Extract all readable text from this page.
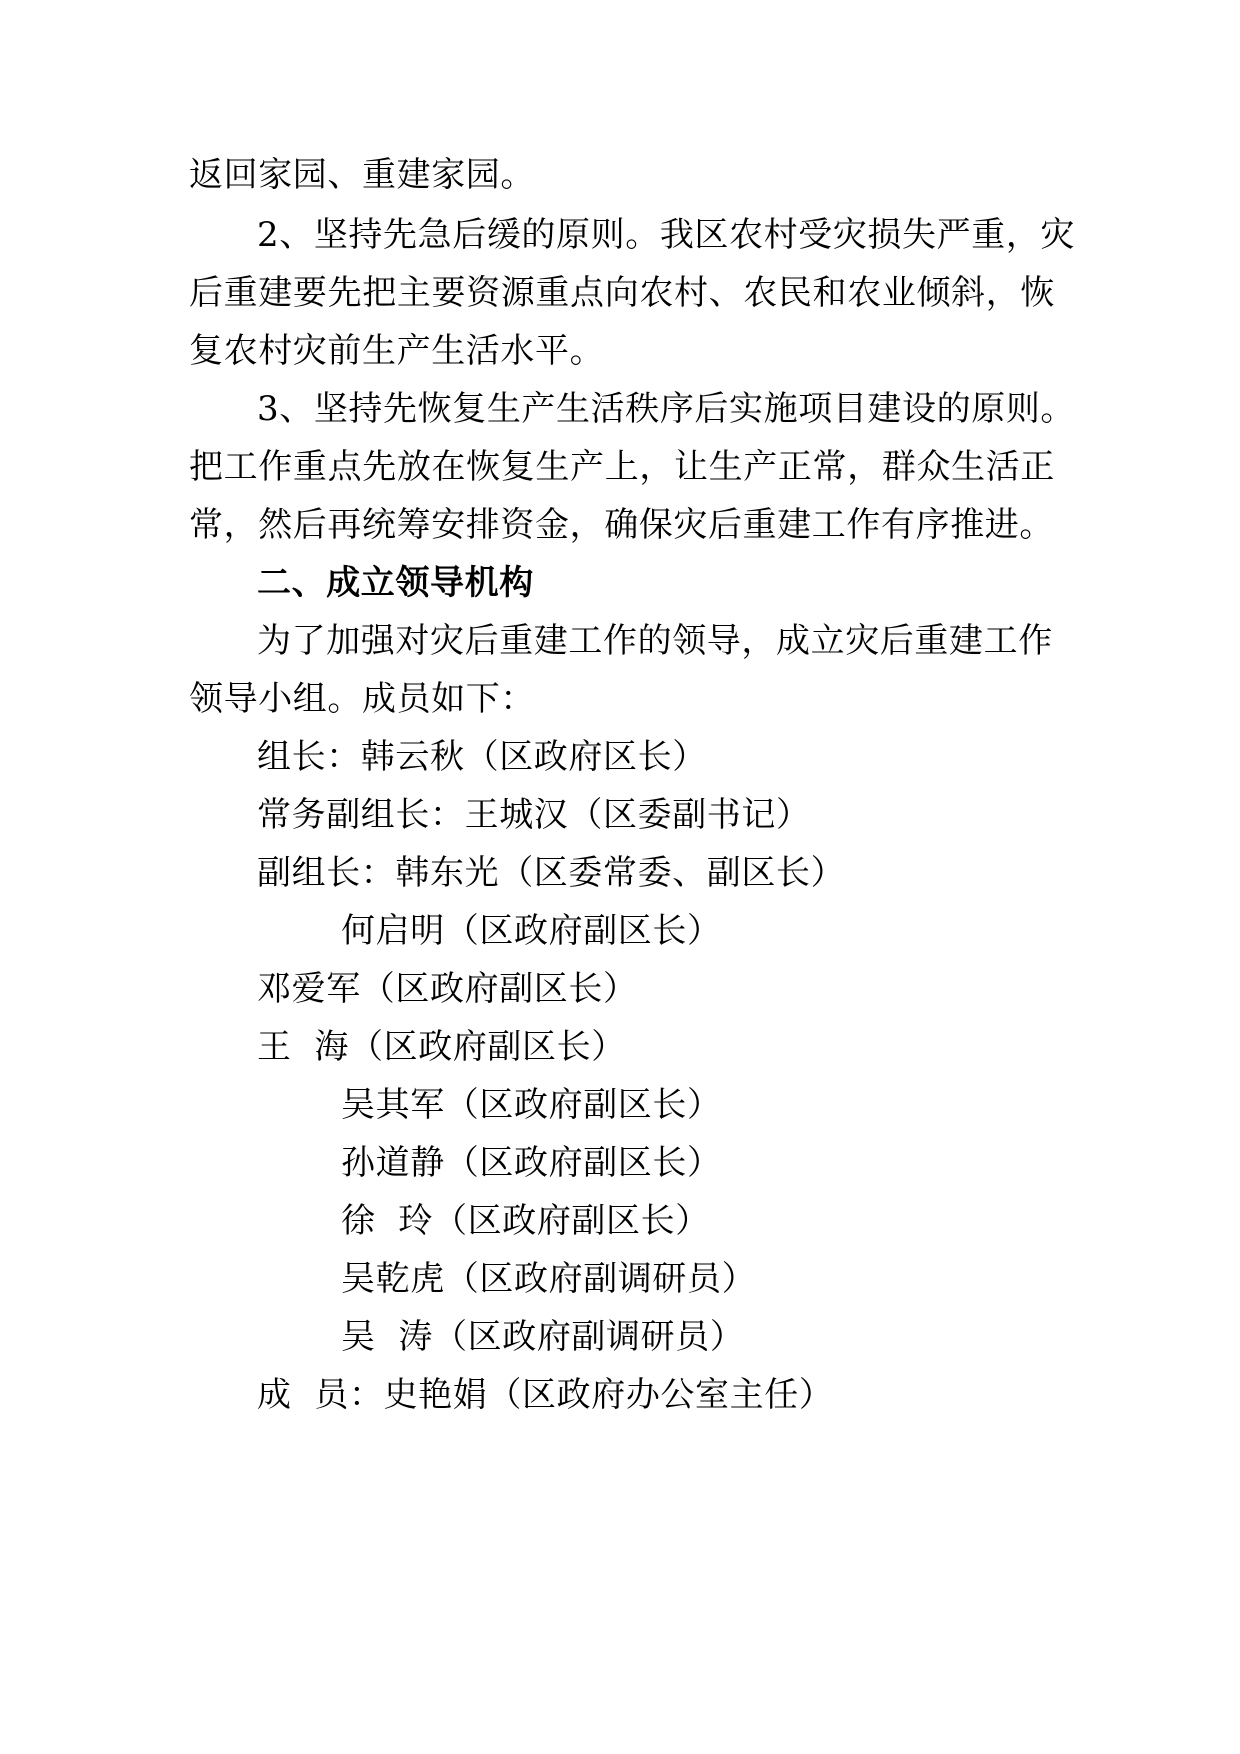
返回家园、重建家园。
2、坚持先急后缓的原则。我区农村受灾损失严重，灾
后重建要先把主要资源重点向农村、农民和农业倾斜，恢
复农村灾前生产生活水平。
3、坚持先恢复生产生活秩序后实施项目建设的原则。
把工作重点先放在恢复生产上，让生产正常，群众生活正
常，然后再统筹安排资金，确保灾后重建工作有序推进。
二、成立领导机构
为了加强对灾后重建工作的领导，成立灾后重建工作
领导小组。成员如下：
组长：韩云秋（区政府区长）
常务副组长：王城汉（区委副书记）
副组长：韩东光（区委常委、副区长）
何启明（区政府副区长）
邓爱军（区政府副区长）
王  海（区政府副区长）
吴其军（区政府副区长）
孙道静（区政府副区长）
徐  玲（区政府副区长）
吴乾虎（区政府副调研员）
吴  涛（区政府副调研员）
成  员：史艳娟（区政府办公室主任）
